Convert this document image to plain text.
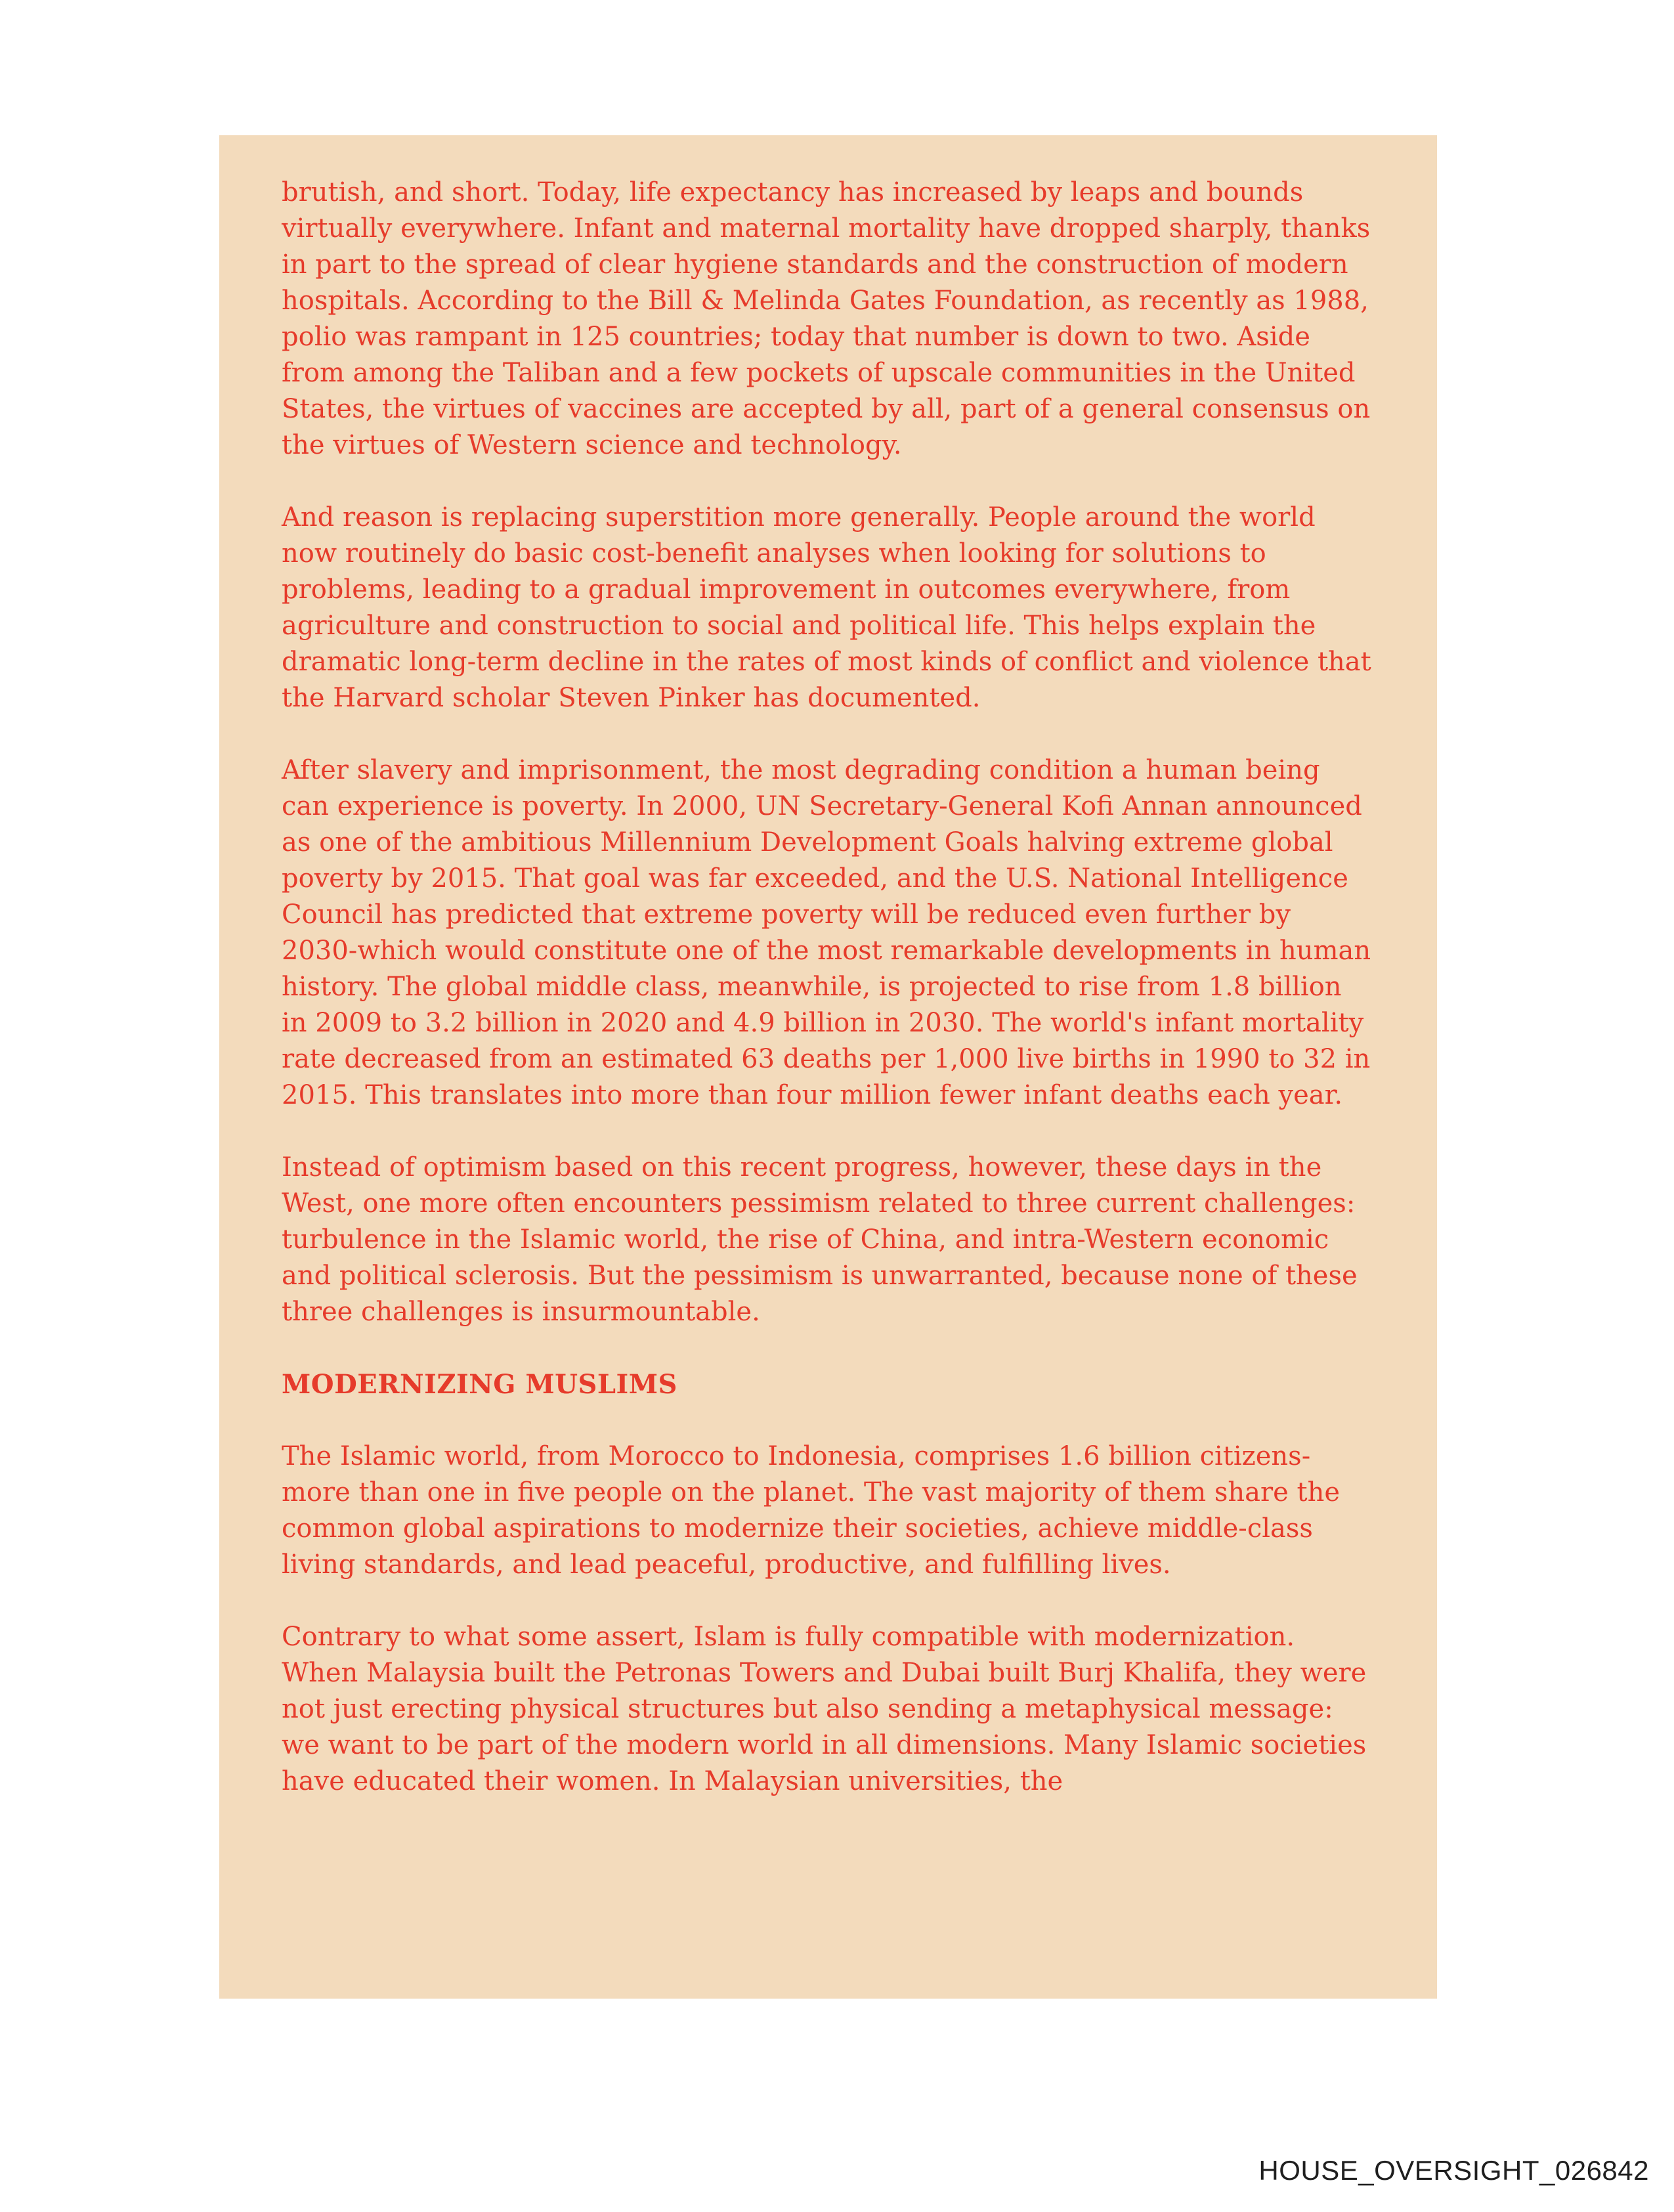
brutish, and short. Today, life expectancy has increased by leaps and bounds virtually everywhere. Infant and maternal mortality have dropped sharply, thanks in part to the spread of clear hygiene standards and the construction of modern hospitals. According to the Bill & Melinda Gates Foundation, as recently as 1988, polio was rampant in 125 countries; today that number is down to two. Aside from among the Taliban and a few pockets of upscale communities in the United States, the virtues of vaccines are accepted by all, part of a general consensus on the virtues of Western science and technology.

And reason is replacing superstition more generally. People around the world now routinely do basic cost-benefit analyses when looking for solutions to problems, leading to a gradual improvement in outcomes everywhere, from agriculture and construction to social and political life. This helps explain the dramatic long-term decline in the rates of most kinds of conflict and violence that the Harvard scholar Steven Pinker has documented.

After slavery and imprisonment, the most degrading condition a human being can experience is poverty. In 2000, UN Secretary-General Kofi Annan announced as one of the ambitious Millennium Development Goals halving extreme global poverty by 2015. That goal was far exceeded, and the U.S. National Intelligence Council has predicted that extreme poverty will be reduced even further by 2030-which would constitute one of the most remarkable developments in human history. The global middle class, meanwhile, is projected to rise from 1.8 billion in 2009 to 3.2 billion in 2020 and 4.9 billion in 2030. The world's infant mortality rate decreased from an estimated 63 deaths per 1,000 live births in 1990 to 32 in 2015. This translates into more than four million fewer infant deaths each year.

Instead of optimism based on this recent progress, however, these days in the West, one more often encounters pessimism related to three current challenges: turbulence in the Islamic world, the rise of China, and intra-Western economic and political sclerosis. But the pessimism is unwarranted, because none of these three challenges is insurmountable.

MODERNIZING MUSLIMS

The Islamic world, from Morocco to Indonesia, comprises 1.6 billion citizens-more than one in five people on the planet. The vast majority of them share the common global aspirations to modernize their societies, achieve middle-class living standards, and lead peaceful, productive, and fulfilling lives.

Contrary to what some assert, Islam is fully compatible with modernization. When Malaysia built the Petronas Towers and Dubai built Burj Khalifa, they were not just erecting physical structures but also sending a metaphysical message: we want to be part of the modern world in all dimensions. Many Islamic societies have educated their women. In Malaysian universities, the

HOUSE_OVERSIGHT_026842
